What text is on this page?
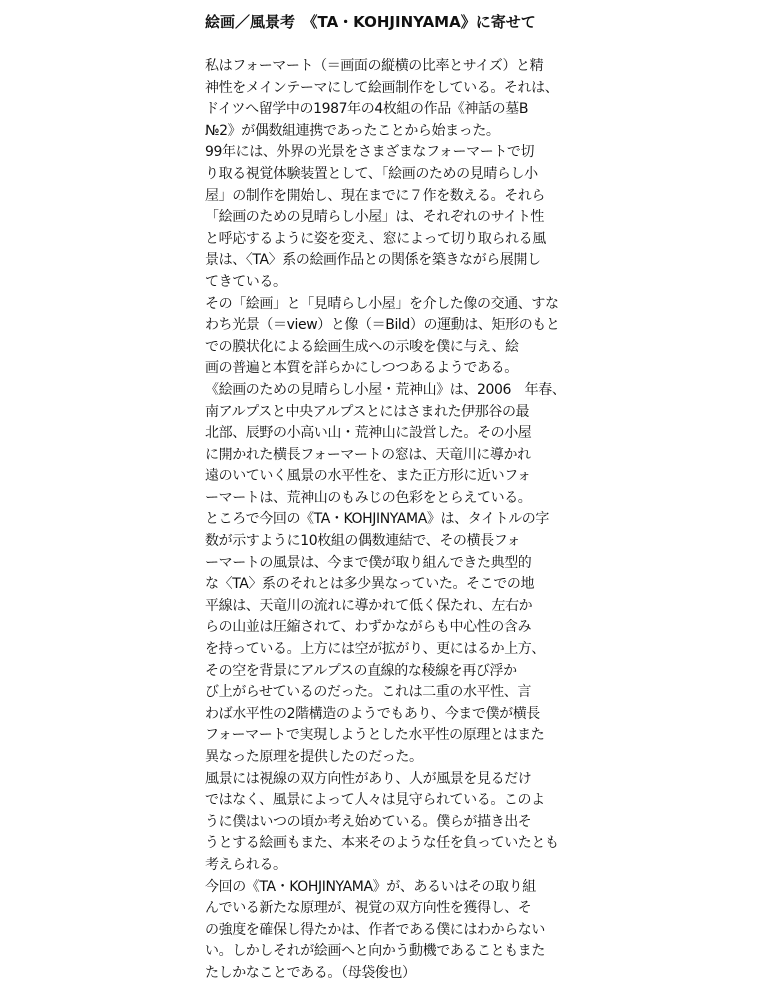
絵画／風景考　《TA・KOHJINYAMA》に寄せて

私はフォーマート（＝画面の縦横の比率とサイズ）と精
神性をメインテーマにして絵画制作をしている。それは、
ドイツへ留学中の1987年の4枚組の作品《神話の墓B
№2》が偶数組連携であったことから始まった。

99年には、外界の光景をさまざまなフォーマートで切
り取る視覚体験装置として、「絵画のための見晴らし小
屋」の制作を開始し、現在までに７作を数える。それら
「絵画のための見晴らし小屋」は、それぞれのサイト性
と呼応するように姿を変え、窓によって切り取られる風
景は、〈TA〉系の絵画作品との関係を築きながら展開し
てきている。

その「絵画」と「見晴らし小屋」を介した像の交通、すな
わち光景（＝view）と像（＝Bild）の運動は、矩形のもと
での膜状化による絵画生成への示唆を僕に与え、絵
画の普遍と本質を詳らかにしつつあるようである。

《絵画のための見晴らし小屋・荒神山》は、2006　年春、
南アルプスと中央アルプスとにはさまれた伊那谷の最
北部、辰野の小高い山・荒神山に設営した。その小屋
に開かれた横長フォーマートの窓は、天竜川に導かれ
遠のいていく風景の水平性を、また正方形に近いフォ
ーマートは、荒神山のもみじの色彩をとらえている。

ところで今回の《TA・KOHJINYAMA》は、タイトルの字
数が示すように10枚組の偶数連結で、その横長フォ
ーマートの風景は、今まで僕が取り組んできた典型的
な〈TA〉系のそれとは多少異なっていた。そこでの地
平線は、天竜川の流れに導かれて低く保たれ、左右か
らの山並は圧縮されて、わずかながらも中心性の含み
を持っている。上方には空が拡がり、更にはるか上方、
その空を背景にアルプスの直線的な稜線を再び浮か
び上がらせているのだった。これは二重の水平性、言
わば水平性の2階構造のようでもあり、今まで僕が横長
フォーマートで実現しようとした水平性の原理とはまた
異なった原理を提供したのだった。

風景には視線の双方向性があり、人が風景を見るだけ
ではなく、風景によって人々は見守られている。このよ
うに僕はいつの頃か考え始めている。僕らが描き出そ
うとする絵画もまた、本来そのような任を負っていたとも
考えられる。

今回の《TA・KOHJINYAMA》が、あるいはその取り組
んでいる新たな原理が、視覚の双方向性を獲得し、そ
の強度を確保し得たかは、作者である僕にはわからない
い。しかしそれが絵画へと向かう動機であることもまた
たしかなことである。（母袋俊也）
